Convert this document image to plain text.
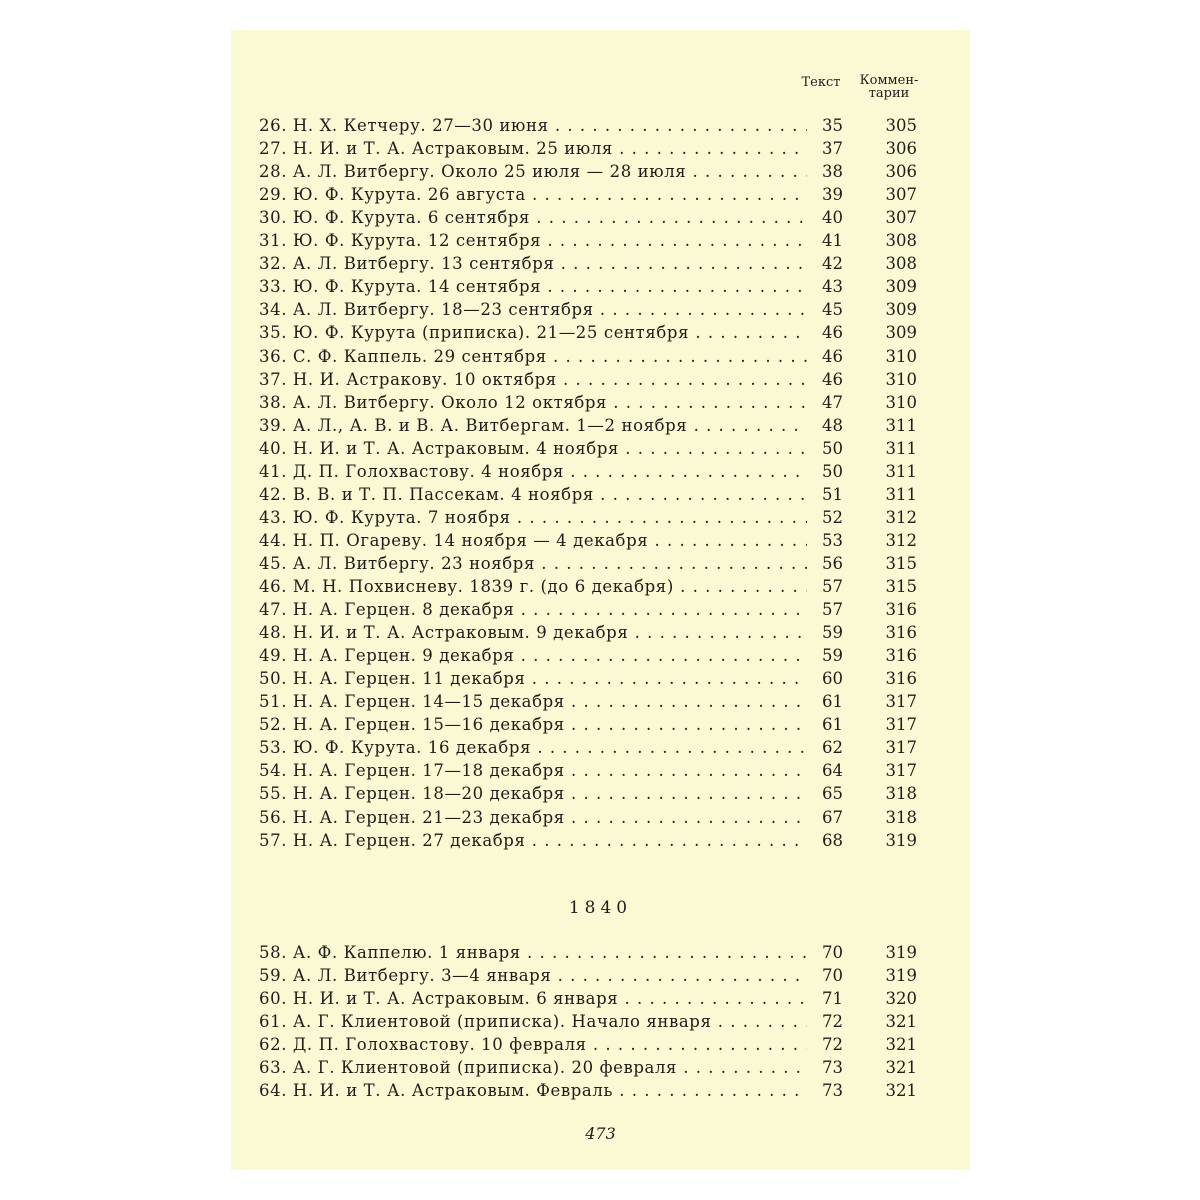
Текст	Коммен-
тарии
26. Н. Х. Кетчеру. 27—30 июня . . .	35	305
27. Н. И. и Т. А. Астраковым. 25 июля . . .	37	306
28. А. Л. Витбергу. Около 25 июля — 28 июля . . .	38	306
29. Ю. Ф. Курута. 26 августа . . .	39	307
30. Ю. Ф. Курута. 6 сентября . . .	40	307
31. Ю. Ф. Курута. 12 сентября . . .	41	308
32. А. Л. Витбергу. 13 сентября . . .	42	308
33. Ю. Ф. Курута. 14 сентября . . .	43	309
34. А. Л. Витбергу. 18—23 сентября . . .	45	309
35. Ю. Ф. Курута (приписка). 21—25 сентября . . .	46	309
36. С. Ф. Каппель. 29 сентября . . .	46	310
37. Н. И. Астракову. 10 октября . . .	46	310
38. А. Л. Витбергу. Около 12 октября . . .	47	310
39. А. Л., А. В. и В. А. Витбергам. 1—2 ноября . . .	48	311
40. Н. И. и Т. А. Астраковым. 4 ноября . . .	50	311
41. Д. П. Голохвастову. 4 ноября . . .	50	311
42. В. В. и Т. П. Пассекам. 4 ноября . . .	51	311
43. Ю. Ф. Курута. 7 ноября . . .	52	312
44. Н. П. Огареву. 14 ноября — 4 декабря . . .	53	312
45. А. Л. Витбергу. 23 ноября . . .	56	315
46. М. Н. Похвисневу. 1839 г. (до 6 декабря) . . .	57	315
47. Н. А. Герцен. 8 декабря . . .	57	316
48. Н. И. и Т. А. Астраковым. 9 декабря . . .	59	316
49. Н. А. Герцен. 9 декабря . . .	59	316
50. Н. А. Герцен. 11 декабря . . .	60	316
51. Н. А. Герцен. 14—15 декабря . . .	61	317
52. Н. А. Герцен. 15—16 декабря . . .	61	317
53. Ю. Ф. Курута. 16 декабря . . .	62	317
54. Н. А. Герцен. 17—18 декабря . . .	64	317
55. Н. А. Герцен. 18—20 декабря . . .	65	318
56. Н. А. Герцен. 21—23 декабря . . .	67	318
57. Н. А. Герцен. 27 декабря . . .	68	319
1840
58. А. Ф. Каппелю. 1 января . . .	70	319
59. А. Л. Витбергу. 3—4 января . . .	70	319
60. Н. И. и Т. А. Астраковым. 6 января . . .	71	320
61. А. Г. Клиентовой (приписка). Начало января . . .	72	321
62. Д. П. Голохвастову. 10 февраля . . .	72	321
63. А. Г. Клиентовой (приписка). 20 февраля . . .	73	321
64. Н. И. и Т. А. Астраковым. Февраль . . .	73	321
473
